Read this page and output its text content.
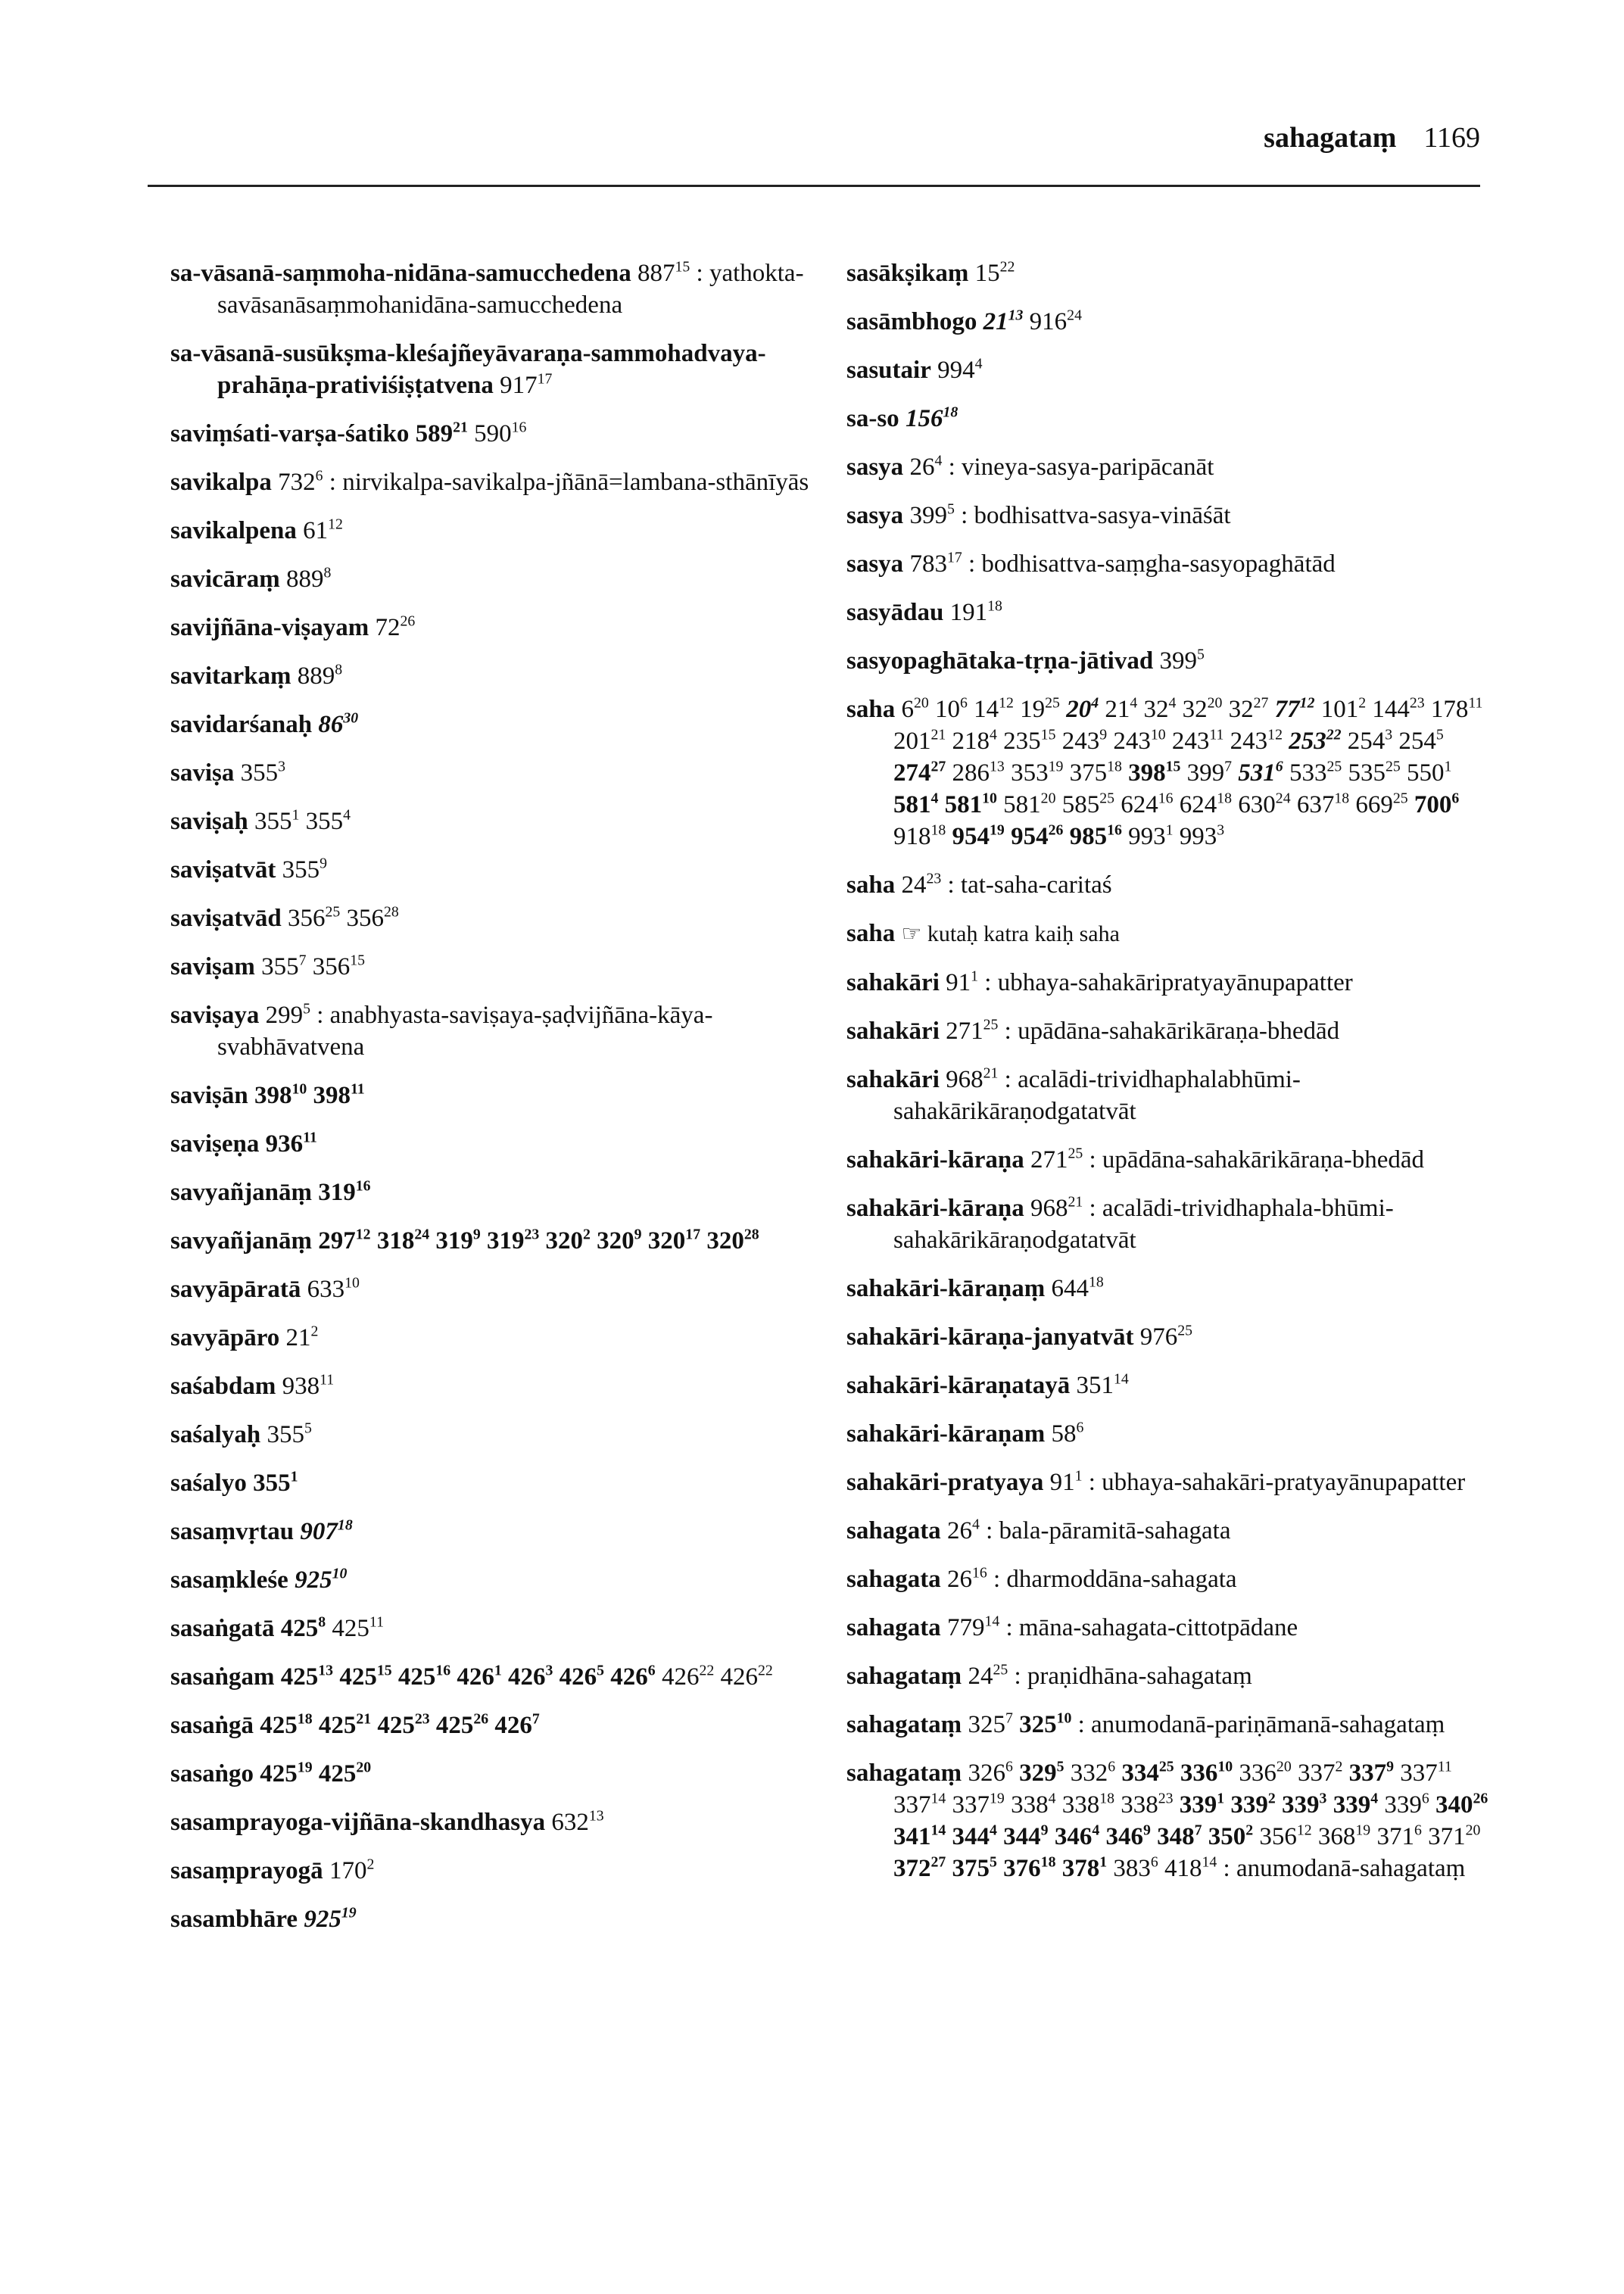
sahagataṃ 1169
sa-vāsanā-saṃmoha-nidāna-samucchedena $887^{15}$ : yathokta-savāsanāsaṃmohanidāna-samucchedena
sa-vāsanā-susūkṣma-kleśajñeyāvaraṇa-sammohadvaya-prahāṇa-prativiśiṣṭatvena $917^{17}$
saviṃśati-varṣa-śatiko $589^{21}$ $590^{16}$
savikalpa $732^6$ : nirvikalpa-savikalpa-jñānā=lambana-sthānīyās
savikalpena $61^{12}$
savicāraṃ $889^8$
savijñāna-viṣayam $72^{26}$
savitarkaṃ $889^8$
savidarśanaḥ $86^{30}$
saviṣa $355^3$
saviṣaḥ $355^1$ $355^4$
saviṣatvāt $355^9$
saviṣatvād $356^{25}$ $356^{28}$
saviṣam $355^7$ $356^{15}$
saviṣaya $299^5$ : anabhyasta-saviṣaya-ṣaḍvijñāna-kāya-svabhāvatvena
saviṣān $398^{10}$ $398^{11}$
saviṣeṇa $936^{11}$
savyañjanāṃ $319^{16}$
savyañjanāṃ $297^{12}$ $318^{24}$ $319^9$ $319^{23}$ $320^2$ $320^9$ $320^{17}$ $320^{28}$
savyāpāratā $633^{10}$
savyāpāro $21^2$
saśabdam $938^{11}$
saśalyaḥ $355^5$
saśalyo $355^1$
sasaṃvṛtau $907^{18}$
sasaṃkleśe $925^{10}$
sasaṅgatā $425^8$ $425^{11}$
sasaṅgam $425^{13}$ $425^{15}$ $425^{16}$ $426^1$ $426^3$ $426^5$ $426^6$ $426^{22}$ $426^{22}$
sasaṅgā $425^{18}$ $425^{21}$ $425^{23}$ $425^{26}$ $426^7$
sasaṅgo $425^{19}$ $425^{20}$
sasamprayoga-vijñāna-skandhasya $632^{13}$
sasaṃprayogā $170^2$
sasambhāre $925^{19}$
sasākṣikaṃ $15^{22}$
sasāmbhogo $21^{13}$ $916^{24}$
sasutair $994^4$
sa-so $156^{18}$
sasya $26^4$ : vineya-sasya-paripācanāt
sasya $399^5$ : bodhisattva-sasya-vināśāt
sasya $783^{17}$ : bodhisattva-saṃgha-sasyopaghātād
sasyādau $191^{18}$
sasyopaghātaka-tṛṇa-jātivad $399^5$
saha $6^{20}$ $10^6$ $14^{12}$ $19^{25}$ $20^4$ $21^4$ $32^4$ $32^{20}$ $32^{27}$ $77^{12}$ $101^2$ $144^{23}$ $178^{11}$ $201^{21}$ $218^4$ $235^{15}$ $243^9$ $243^{10}$ $243^{11}$ $243^{12}$ $253^{22}$ $254^3$ $254^5$ $274^{27}$ $286^{13}$ $353^{19}$ $375^{18}$ $398^{15}$ $399^7$ $531^6$ $533^{25}$ $535^{25}$ $550^1$ $581^4$ $581^{10}$ $581^{20}$ $585^{25}$ $624^{16}$ $624^{18}$ $630^{24}$ $637^{18}$ $669^{25}$ $700^6$ $918^{18}$ $954^{19}$ $954^{26}$ $985^{16}$ $993^1$ $993^3$
saha $24^{23}$ : tat-saha-caritaś
saha ☞ kutaḥ katra kaiḥ saha
sahakāri $91^1$ : ubhaya-sahakāripratyayānupapatter
sahakāri $271^{25}$ : upādāna-sahakārikāraṇa-bhedād
sahakāri $968^{21}$ : acalādi-trividhaphalabhūmi-sahakārikāraṇodgatatvāt
sahakāri-kāraṇa $271^{25}$ : upādāna-sahakārikāraṇa-bhedād
sahakāri-kāraṇa $968^{21}$ : acalādi-trividhaphala-bhūmi-sahakārikāraṇodgatatvāt
sahakāri-kāraṇaṃ $644^{18}$
sahakāri-kāraṇa-janyatvāt $976^{25}$
sahakāri-kāraṇatayā $351^{14}$
sahakāri-kāraṇam $58^6$
sahakāri-pratyaya $91^1$ : ubhaya-sahakāri-pratyayānupapatter
sahagata $26^4$ : bala-pāramitā-sahagata
sahagata $26^{16}$ : dharmoddāna-sahagata
sahagata $779^{14}$ : māna-sahagata-cittotpādane
sahagataṃ $24^{25}$ : praṇidhāna-sahagataṃ
sahagataṃ $325^7$ $325^{10}$ : anumodanā-pariṇāmanā-sahagataṃ
sahagataṃ $326^6$ $329^5$ $332^6$ $334^{25}$ $336^{10}$ $336^{20}$ $337^2$ $337^9$ $337^{11}$ $337^{14}$ $337^{19}$ $338^4$ $338^{18}$ $338^{23}$ $339^1$ $339^2$ $339^3$ $339^4$ $339^6$ $340^{26}$ $341^{14}$ $344^4$ $344^9$ $346^4$ $346^9$ $348^7$ $350^2$ $356^{12}$ $368^{19}$ $371^6$ $371^{20}$ $372^{27}$ $375^5$ $376^{18}$ $378^1$ $383^6$ $418^{14}$ : anumodanā-sahagataṃ
